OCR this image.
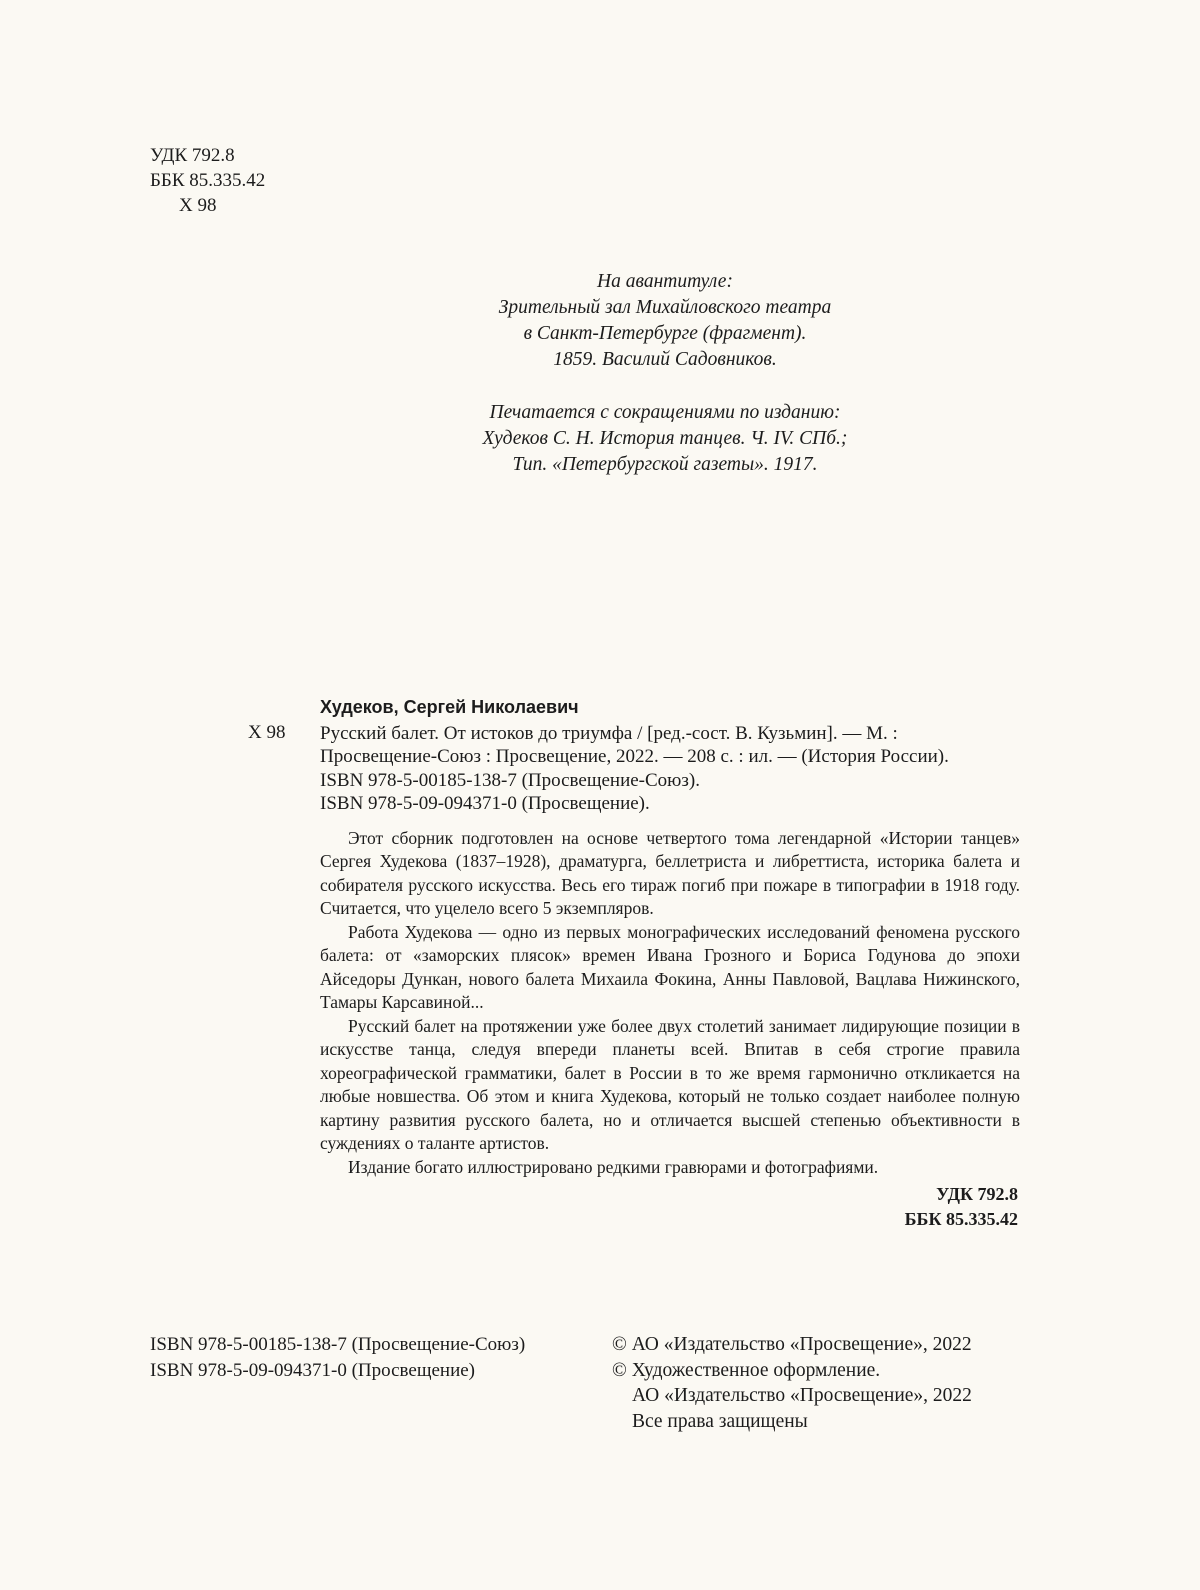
УДК 792.8
ББК 85.335.42
Х 98
На авантитуле:
Зрительный зал Михайловского театра
в Санкт-Петербурге (фрагмент).
1859. Василий Садовников.
Печатается с сокращениями по изданию:
Худеков С. Н. История танцев. Ч. IV. СПб.;
Тип. «Петербургской газеты». 1917.
Х 98
Худеков, Сергей Николаевич
Русский балет. От истоков до триумфа / [ред.-сост. В. Кузьмин]. — М. :
Просвещение-Союз : Просвещение, 2022. — 208 с. : ил. — (История России).
ISBN 978-5-00185-138-7 (Просвещение-Союз).
ISBN 978-5-09-094371-0 (Просвещение).

Этот сборник подготовлен на основе четвертого тома легендарной «Истории танцев» Сергея Худекова (1837–1928), драматурга, беллетриста и либреттиста, историка балета и собирателя русского искусства. Весь его тираж погиб при пожаре в типографии в 1918 году. Считается, что уцелело всего 5 экземпляров.

Работа Худекова — одно из первых монографических исследований феномена русского балета: от «заморских плясок» времен Ивана Грозного и Бориса Годунова до эпохи Айседоры Дункан, нового балета Михаила Фокина, Анны Павловой, Вацлава Нижинского, Тамары Карсавиной...

Русский балет на протяжении уже более двух столетий занимает лидирующие позиции в искусстве танца, следуя впереди планеты всей. Впитав в себя строгие правила хореографической грамматики, балет в России в то же время гармонично откликается на любые новшества. Об этом и книга Худекова, который не только создает наиболее полную картину развития русского балета, но и отличается высшей степенью объективности в суждениях о таланте артистов.

Издание богато иллюстрировано редкими гравюрами и фотографиями.

УДК 792.8
ББК 85.335.42
ISBN 978-5-00185-138-7 (Просвещение-Союз)
ISBN 978-5-09-094371-0 (Просвещение)
© АО «Издательство «Просвещение», 2022
© Художественное оформление.
АО «Издательство «Просвещение», 2022
Все права защищены
